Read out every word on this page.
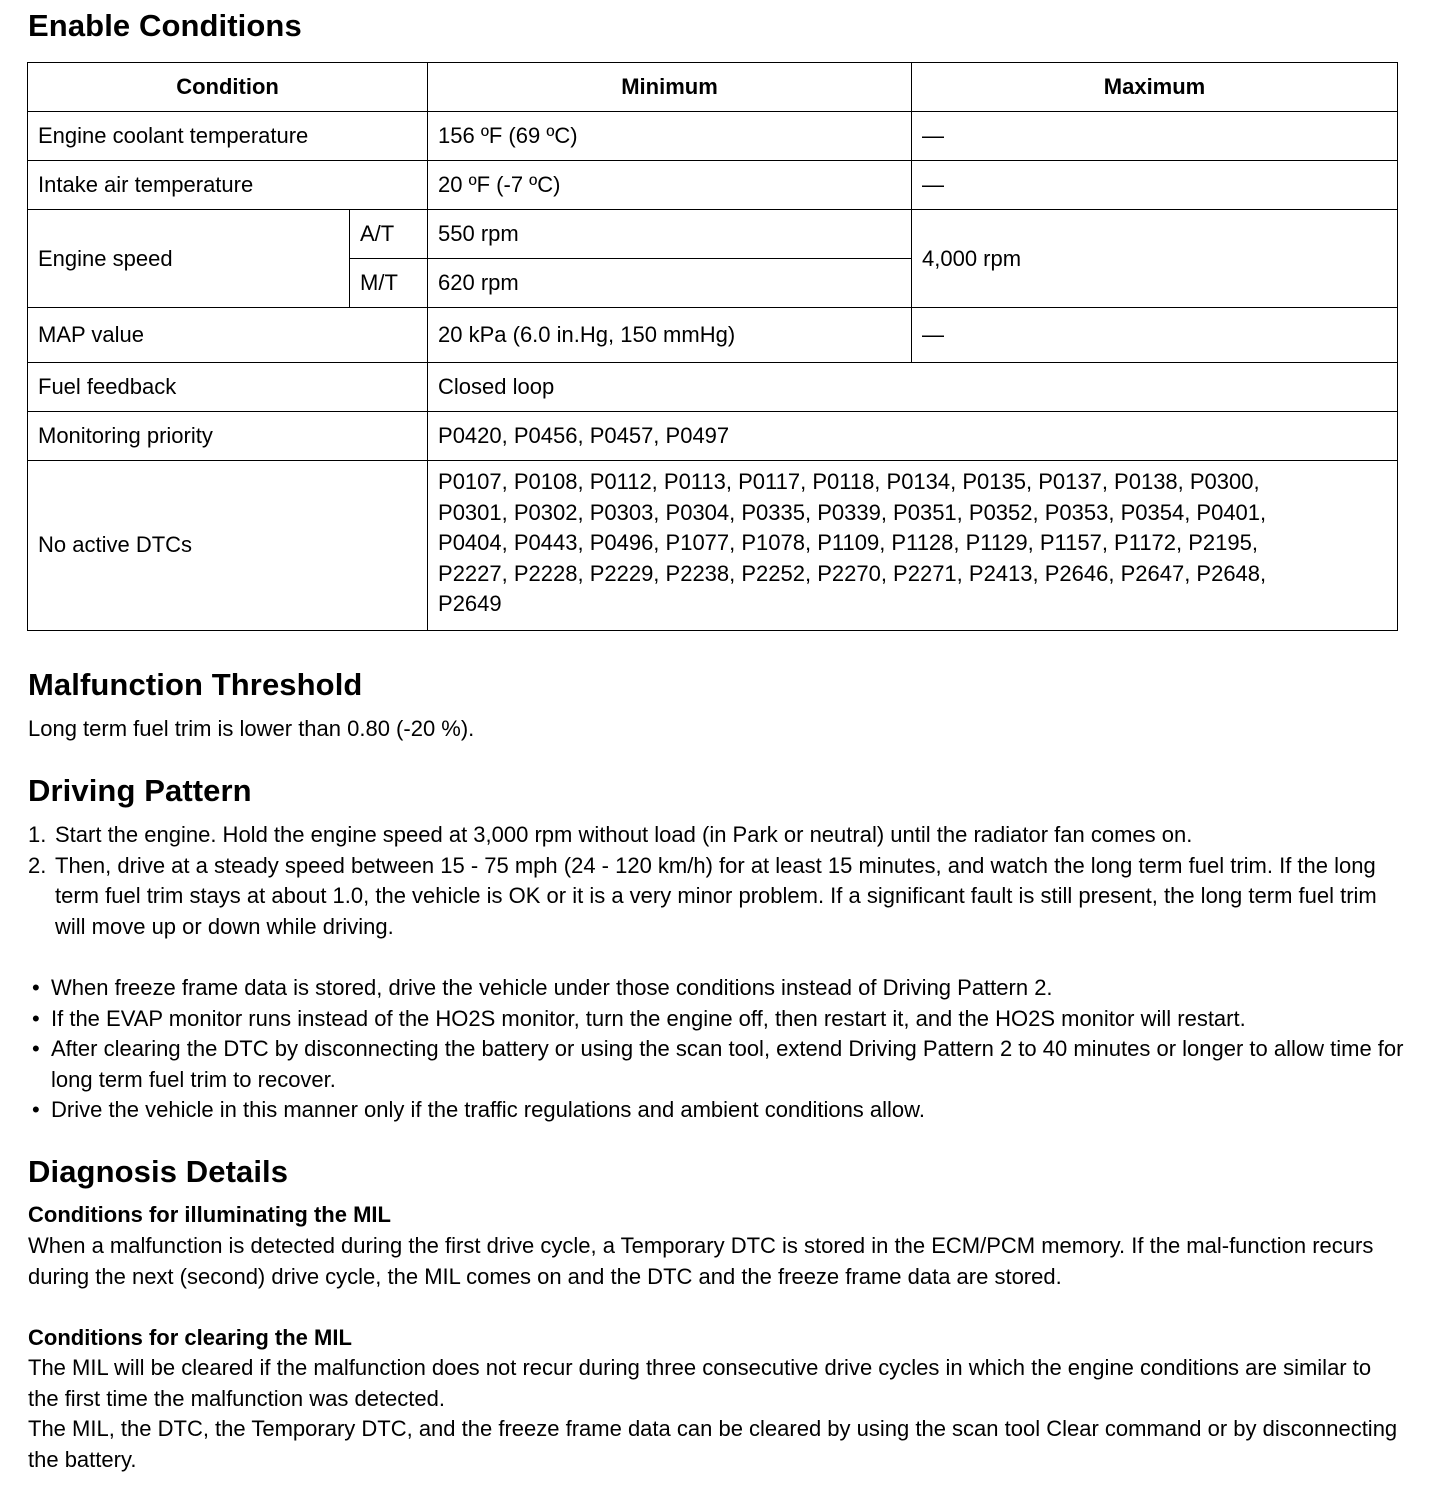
Enable Conditions
Condition		Minimum	Maximum
Engine coolant temperature		156 ºF (69 ºC)	—
Intake air temperature		20 ºF (-7 ºC)	—
Engine speed	A/T	550 rpm	4,000 rpm
	M/T	620 rpm	
MAP value		20 kPa (6.0 in.Hg, 150 mmHg)	—
Fuel feedback		Closed loop	
Monitoring priority		P0420, P0456, P0457, P0497	
No active DTCs		P0107, P0108, P0112, P0113, P0117, P0118, P0134, P0135, P0137, P0138, P0300,
P0301, P0302, P0303, P0304, P0335, P0339, P0351, P0352, P0353, P0354, P0401,
P0404, P0443, P0496, P1077, P1078, P1109, P1128, P1129, P1157, P1172, P2195,
P2227, P2228, P2229, P2238, P2252, P2270, P2271, P2413, P2646, P2647, P2648,
P2649	
Malfunction Threshold

Long term fuel trim is lower than 0.80 (-20 %).

Driving Pattern
1. Start the engine. Hold the engine speed at 3,000 rpm without load (in Park or neutral) until the radiator fan comes on.
2. Then, drive at a steady speed between 15 - 75 mph (24 - 120 km/h) for at least 15 minutes, and watch the long term fuel trim. If the long term fuel trim stays at about 1.0, the vehicle is OK or it is a very minor problem. If a significant fault is still present, the long term fuel trim will move up or down while driving.
• When freeze frame data is stored, drive the vehicle under those conditions instead of Driving Pattern 2.
• If the EVAP monitor runs instead of the HO2S monitor, turn the engine off, then restart it, and the HO2S monitor will restart.
• After clearing the DTC by disconnecting the battery or using the scan tool, extend Driving Pattern 2 to 40 minutes or longer to allow time for long term fuel trim to recover.
• Drive the vehicle in this manner only if the traffic regulations and ambient conditions allow.
Diagnosis Details

Conditions for illuminating the MIL

When a malfunction is detected during the first drive cycle, a Temporary DTC is stored in the ECM/PCM memory. If the mal-function recurs during the next (second) drive cycle, the MIL comes on and the DTC and the freeze frame data are stored.

Conditions for clearing the MIL

The MIL will be cleared if the malfunction does not recur during three consecutive drive cycles in which the engine conditions are similar to the first time the malfunction was detected.

The MIL, the DTC, the Temporary DTC, and the freeze frame data can be cleared by using the scan tool Clear command or by disconnecting the battery.
